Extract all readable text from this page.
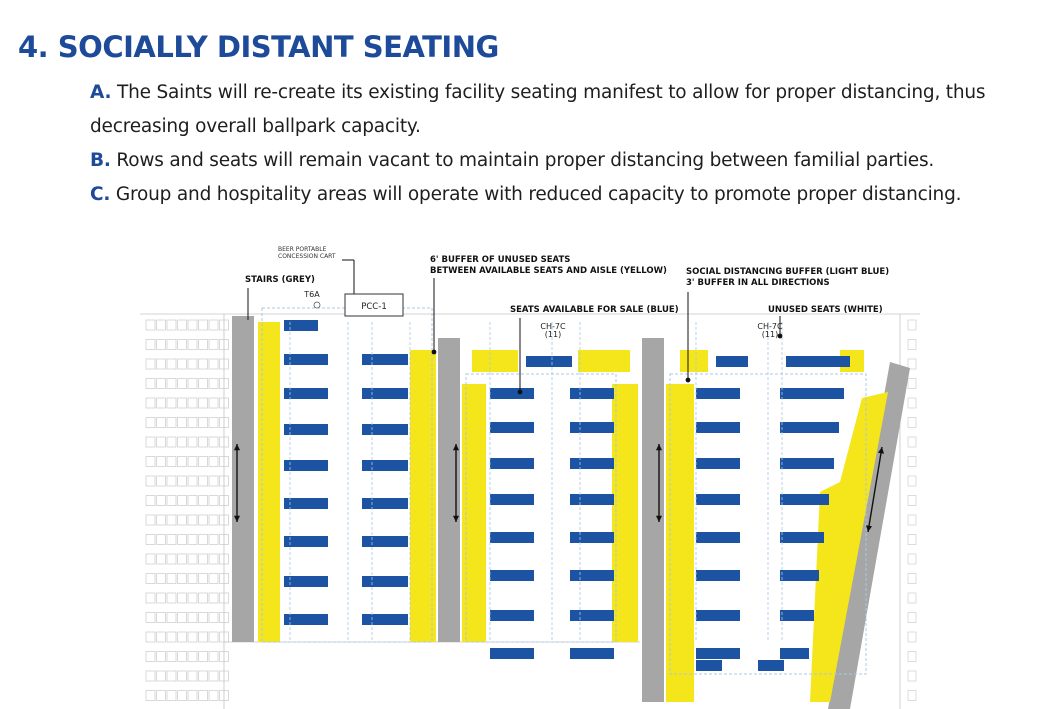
4. SOCIALLY DISTANT SEATING
A. The Saints will re-create its existing facility seating manifest to allow for proper distancing, thus decreasing overall ballpark capacity.
B. Rows and seats will remain vacant to maintain proper distancing between familial parties.
C. Group and hospitality areas will operate with reduced capacity to promote proper distancing.
PCC-1
T6A
CH-7C
(11)
CH-7C
(11)
BEER PORTABLE
CONCESSION CART
STAIRS (GREY)
6' BUFFER OF UNUSED SEATS
BETWEEN AVAILABLE SEATS AND AISLE (YELLOW) SOCIAL DISTANCING BUFFER (LIGHT BLUE)
3' BUFFER IN ALL DIRECTIONS
SEATS AVAILABLE FOR SALE (BLUE)	UNUSED SEATS (WHITE)
